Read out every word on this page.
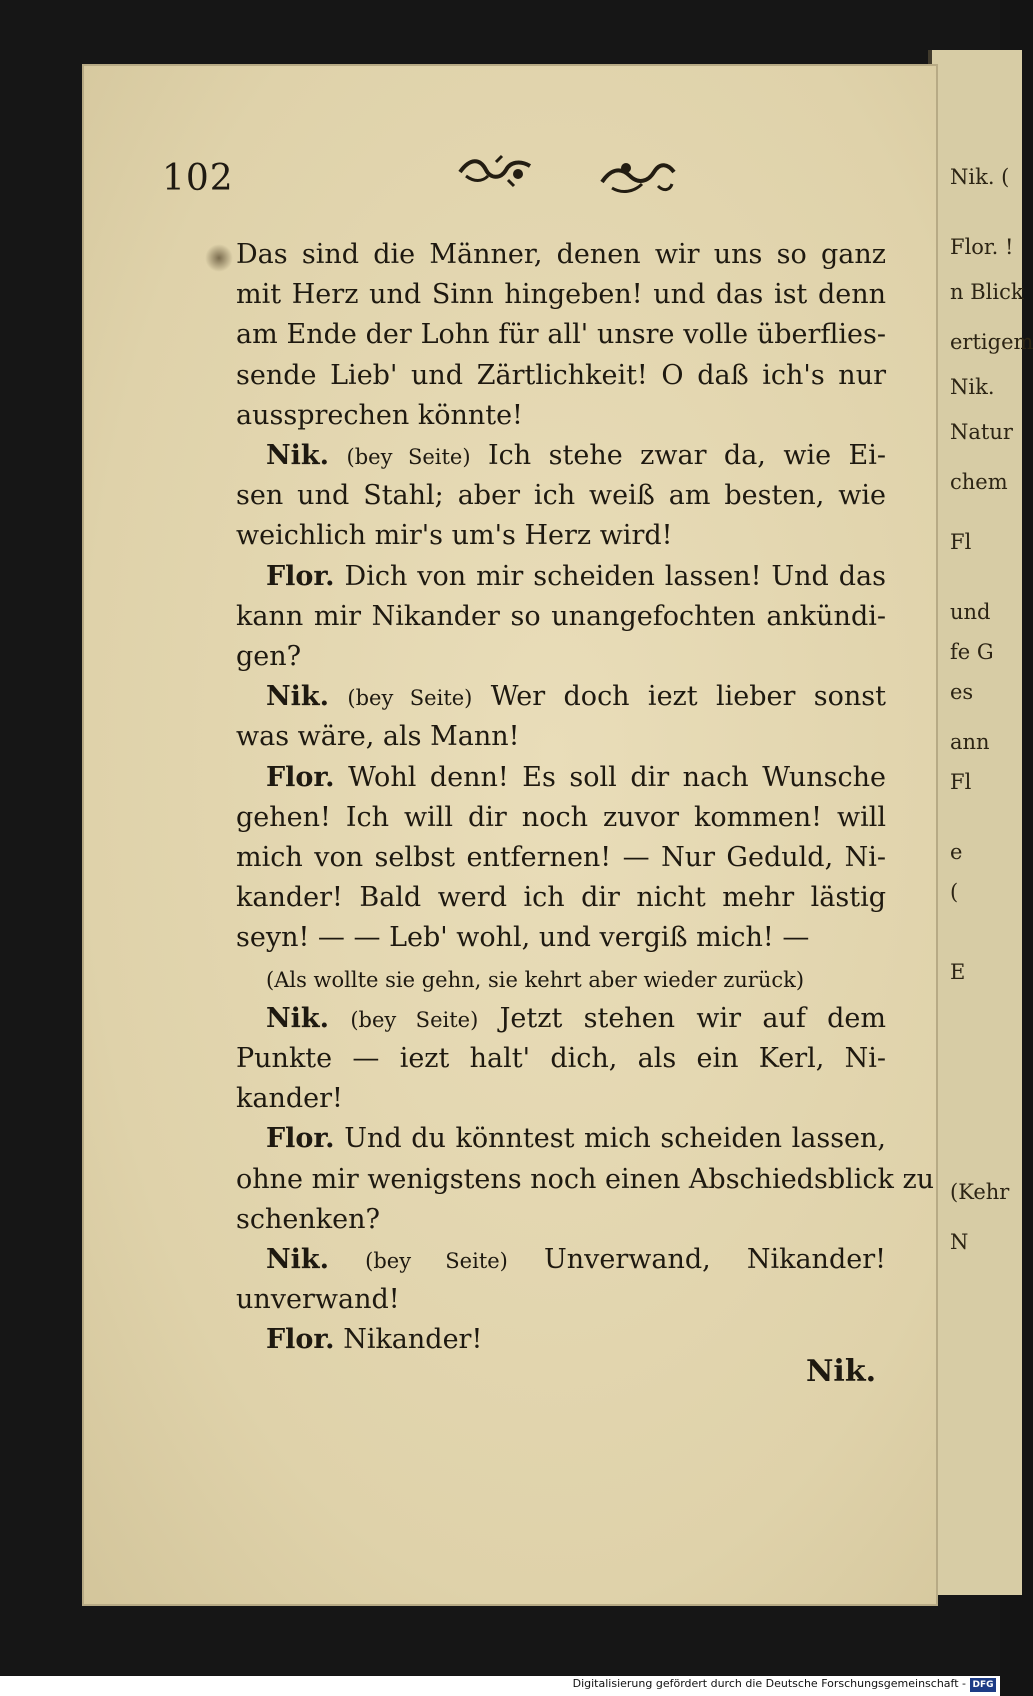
Nik. (
Flor. !
n Blick
ertigem
Nik.
Natur
chem
Fl
und
fe G
es
ann
Fl
e
(
E
(Kehr
N
102
Das sind die Männer, denen wir uns so ganz
mit Herz und Sinn hingeben! und das ist denn
am Ende der Lohn für all' unsre volle überflies-
sende Lieb' und Zärtlichkeit! O daß ich's nur
aussprechen könnte!
Nik. (bey Seite) Ich stehe zwar da, wie Ei-
sen und Stahl; aber ich weiß am besten, wie
weichlich mir's um's Herz wird!
Flor. Dich von mir scheiden lassen! Und das
kann mir Nikander so unangefochten ankündi-
gen?
Nik. (bey Seite) Wer doch iezt lieber sonst
was wäre, als Mann!
Flor. Wohl denn! Es soll dir nach Wunsche
gehen! Ich will dir noch zuvor kommen! will
mich von selbst entfernen! — Nur Geduld, Ni-
kander! Bald werd ich dir nicht mehr lästig
seyn! — — Leb' wohl, und vergiß mich! —
(Als wollte sie gehn, sie kehrt aber wieder zurück)
Nik. (bey Seite) Jetzt stehen wir auf dem
Punkte — iezt halt' dich, als ein Kerl, Ni-
kander!
Flor. Und du könntest mich scheiden lassen,
ohne mir wenigstens noch einen Abschiedsblick zu
schenken?
Nik. (bey Seite) Unverwand, Nikander!
unverwand!
Flor. Nikander!
Nik.
Digitalisierung gefördert durch die Deutsche Forschungsgemeinschaft - DFG
